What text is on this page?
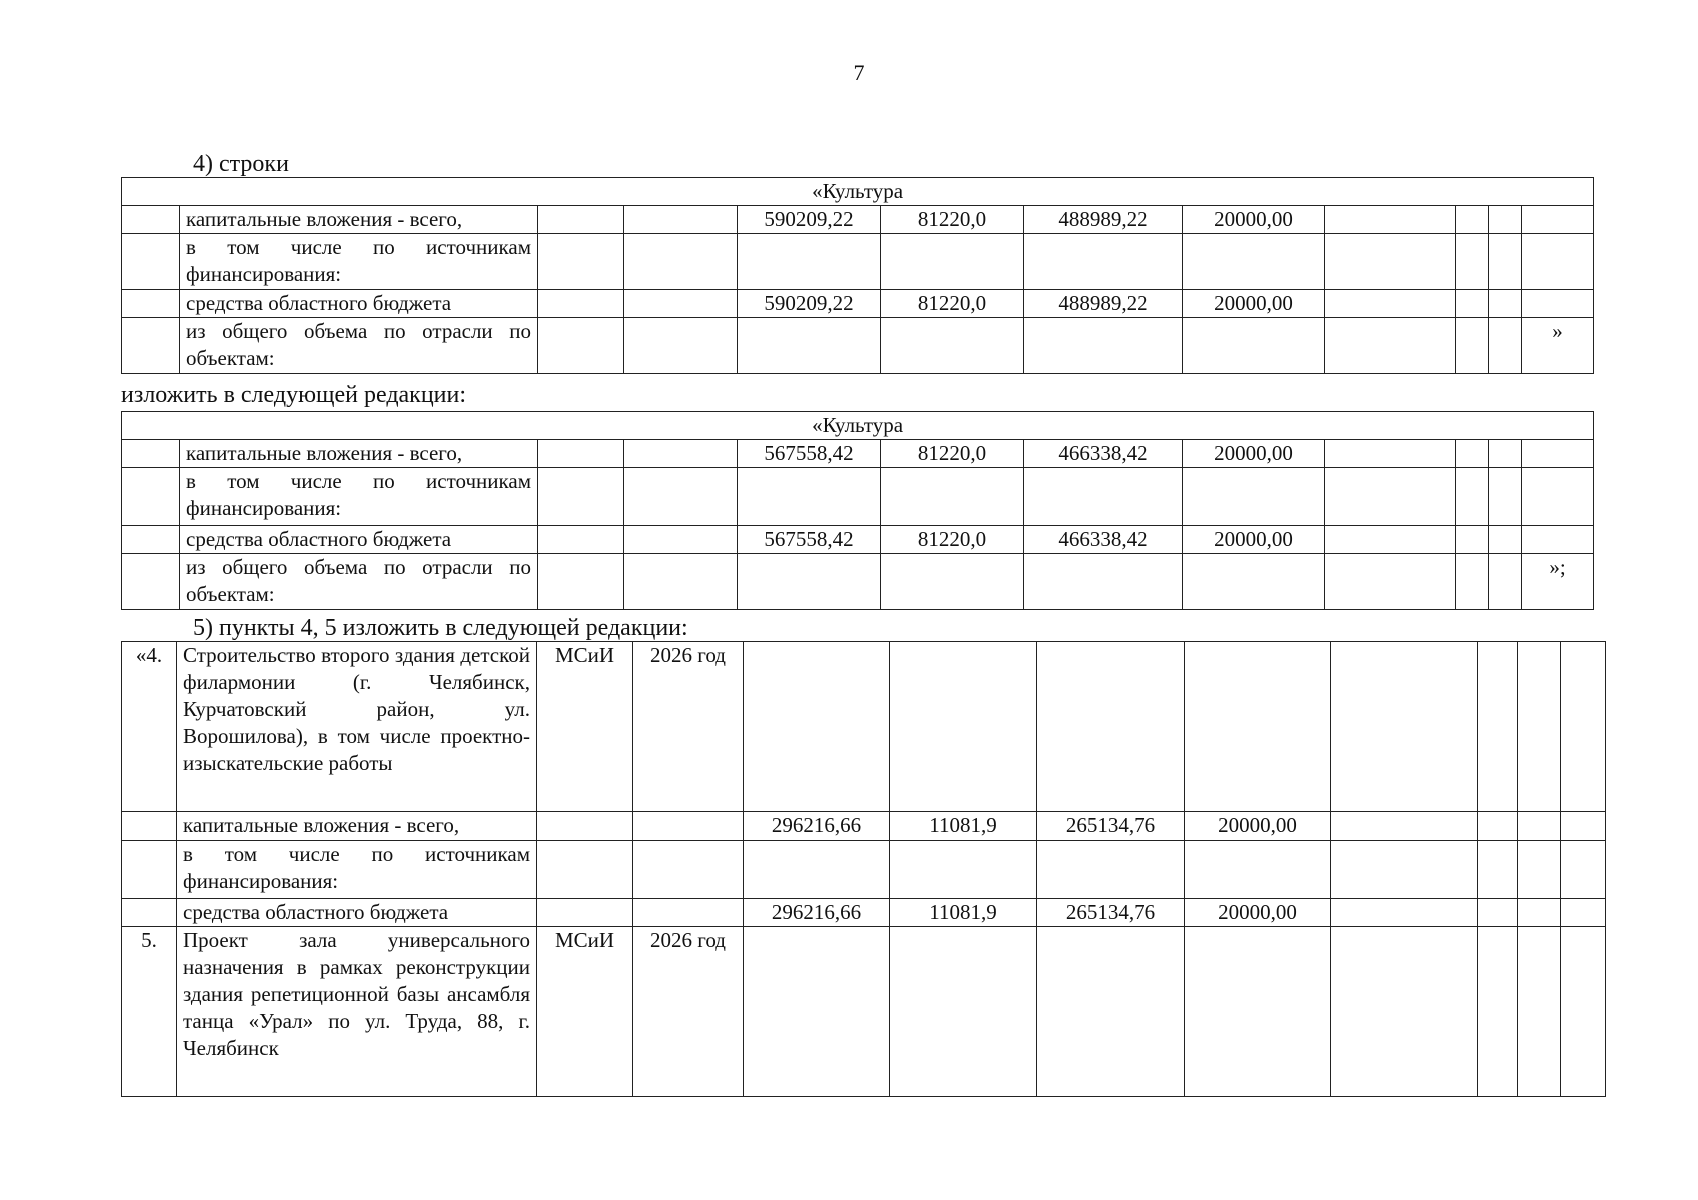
7
4) строки
«Культура											
	капитальные вложения - всего,			590209,22	81220,0	488989,22	20000,00				
	в том числе по источникам финансирования:										
	средства областного бюджета			590209,22	81220,0	488989,22	20000,00				
	из общего объема по отрасли по объектам:										»
изложить в следующей редакции:
«Культура											
	капитальные вложения - всего,			567558,42	81220,0	466338,42	20000,00				
	в том числе по источникам финансирования:										
	средства областного бюджета			567558,42	81220,0	466338,42	20000,00				
	из общего объема по отрасли по объектам:										»;
5) пункты 4, 5 изложить в следующей редакции:
«4.	Строительство второго здания детской филармонии (г. Челябинск, Курчатовский район, ул. Ворошилова), в том числе проектно-изыскательские работы	МСиИ	2026 год								
	капитальные вложения - всего,			296216,66	11081,9	265134,76	20000,00				
	в том числе по источникам финансирования:										
	средства областного бюджета			296216,66	11081,9	265134,76	20000,00				
5.	Проект зала универсального назначения в рамках реконструкции здания репетиционной базы ансамбля танца «Урал» по ул. Труда, 88, г. Челябинск	МСиИ	2026 год								
